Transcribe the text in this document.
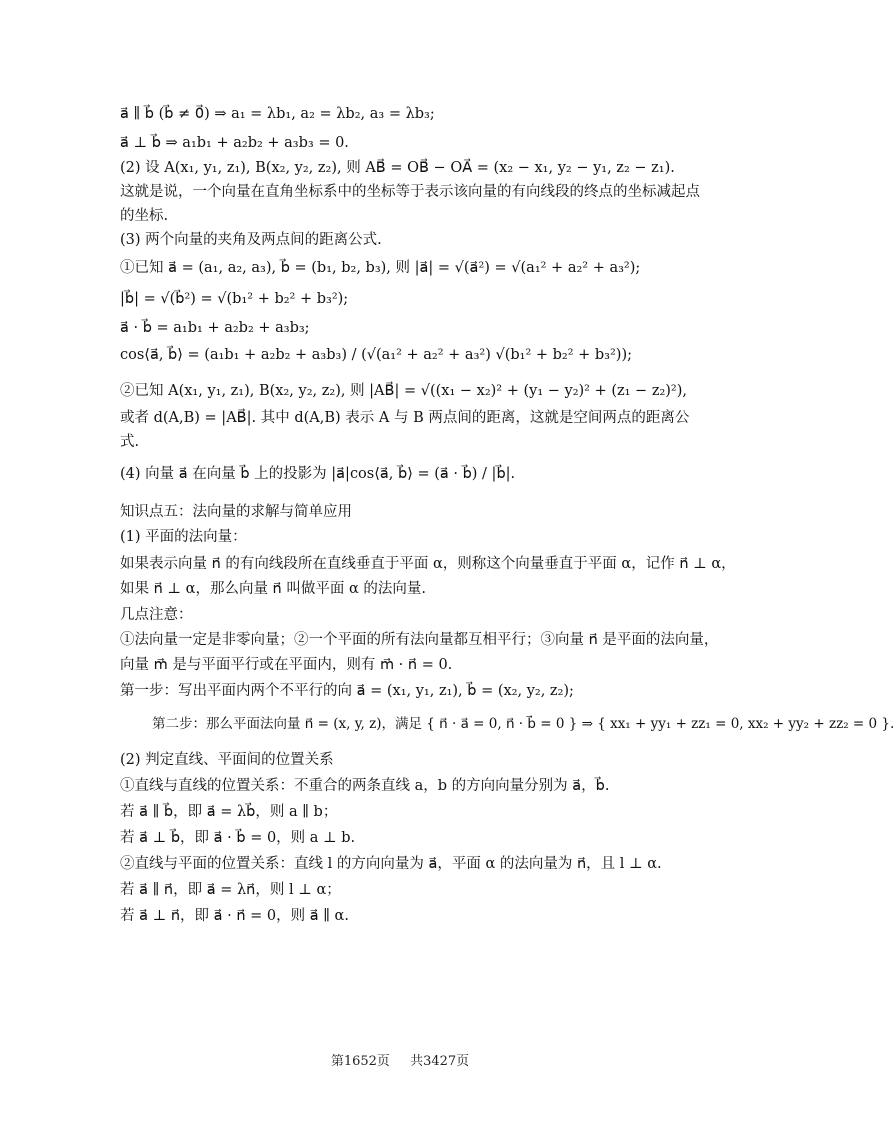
a⃗ ∥ b⃗ (b⃗ ≠ 0⃗) ⇒ a₁ = λb₁, a₂ = λb₂, a₃ = λb₃;
a⃗ ⊥ b⃗ ⇒ a₁b₁ + a₂b₂ + a₃b₃ = 0.
(2) 设 A(x₁, y₁, z₁), B(x₂, y₂, z₂), 则 AB⃗ = OB⃗ − OA⃗ = (x₂ − x₁, y₂ − y₁, z₂ − z₁).
这就是说，一个向量在直角坐标系中的坐标等于表示该向量的有向线段的终点的坐标减起点
的坐标.
(3) 两个向量的夹角及两点间的距离公式.
①已知 a⃗ = (a₁, a₂, a₃), b⃗ = (b₁, b₂, b₃), 则 |a⃗| = √(a⃗²) = √(a₁² + a₂² + a₃²);
|b⃗| = √(b⃗²) = √(b₁² + b₂² + b₃²);
a⃗ · b⃗ = a₁b₁ + a₂b₂ + a₃b₃;
cos⟨a⃗, b⃗⟩ = (a₁b₁ + a₂b₂ + a₃b₃) / (√(a₁² + a₂² + a₃²) √(b₁² + b₂² + b₃²));
②已知 A(x₁, y₁, z₁), B(x₂, y₂, z₂), 则 |AB⃗| = √((x₁ − x₂)² + (y₁ − y₂)² + (z₁ − z₂)²),
或者 d(A,B) = |AB⃗|. 其中 d(A,B) 表示 A 与 B 两点间的距离，这就是空间两点的距离公
式.
(4) 向量 a⃗ 在向量 b⃗ 上的投影为 |a⃗|cos⟨a⃗, b⃗⟩ = (a⃗ · b⃗) / |b⃗|.
知识点五：法向量的求解与简单应用
(1) 平面的法向量：
如果表示向量 n⃗ 的有向线段所在直线垂直于平面 α，则称这个向量垂直于平面 α，记作 n⃗ ⊥ α，
如果 n⃗ ⊥ α，那么向量 n⃗ 叫做平面 α 的法向量.
几点注意：
①法向量一定是非零向量；②一个平面的所有法向量都互相平行；③向量 n⃗ 是平面的法向量，
向量 m⃗ 是与平面平行或在平面内，则有 m⃗ · n⃗ = 0.
第一步：写出平面内两个不平行的向 a⃗ = (x₁, y₁, z₁), b⃗ = (x₂, y₂, z₂);
第二步：那么平面法向量 n⃗ = (x, y, z)，满足 { n⃗ · a⃗ = 0, n⃗ · b⃗ = 0 } ⇒ { xx₁ + yy₁ + zz₁ = 0, xx₂ + yy₂ + zz₂ = 0 }.
(2) 判定直线、平面间的位置关系
①直线与直线的位置关系：不重合的两条直线 a，b 的方向向量分别为 a⃗，b⃗.
若 a⃗ ∥ b⃗，即 a⃗ = λb⃗，则 a ∥ b；
若 a⃗ ⊥ b⃗，即 a⃗ · b⃗ = 0，则 a ⊥ b.
②直线与平面的位置关系：直线 l 的方向向量为 a⃗，平面 α 的法向量为 n⃗，且 l ⊥ α.
若 a⃗ ∥ n⃗，即 a⃗ = λn⃗，则 l ⊥ α；
若 a⃗ ⊥ n⃗，即 a⃗ · n⃗ = 0，则 a⃗ ∥ α.
第1652页 共3427页
